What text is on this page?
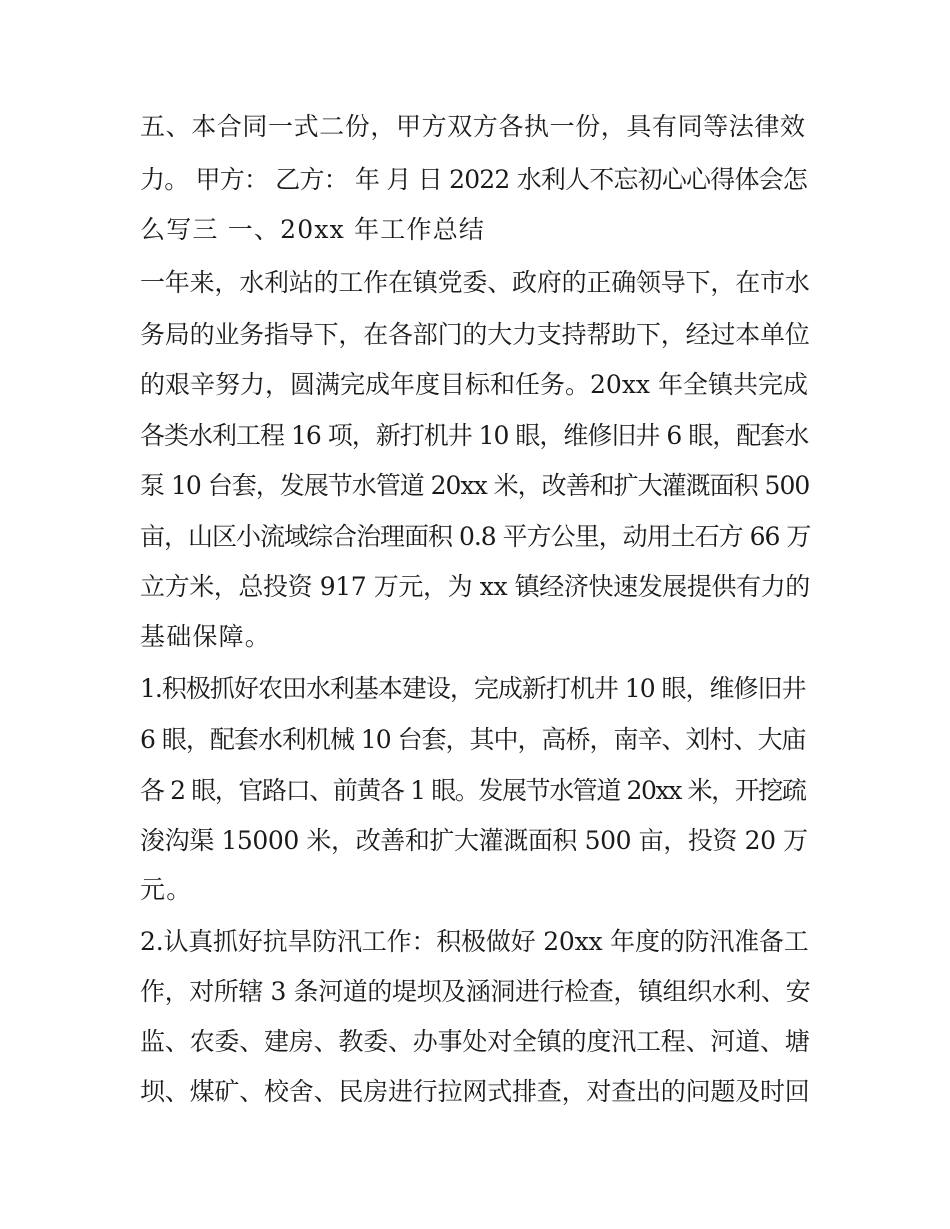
五、本合同一式二份，甲方双方各执一份，具有同等法律效

力。 甲方： 乙方： 年 月 日 2022 水利人不忘初心心得体会怎

么写三 一、20xx 年工作总结

一年来，水利站的工作在镇党委、政府的正确领导下，在市水

务局的业务指导下，在各部门的大力支持帮助下，经过本单位

的艰辛努力，圆满完成年度目标和任务。20xx 年全镇共完成

各类水利工程 16 项，新打机井 10 眼，维修旧井 6 眼，配套水

泵 10 台套，发展节水管道 20xx 米，改善和扩大灌溉面积 500

亩，山区小流域综合治理面积 0.8 平方公里，动用土石方 66 万

立方米，总投资 917 万元，为 xx 镇经济快速发展提供有力的

基础保障。

1.积极抓好农田水利基本建设，完成新打机井 10 眼，维修旧井

6 眼，配套水利机械 10 台套，其中，高桥，南辛、刘村、大庙

各 2 眼，官路口、前黄各 1 眼。发展节水管道 20xx 米，开挖疏

浚沟渠 15000 米，改善和扩大灌溉面积 500 亩，投资 20 万

元。

2.认真抓好抗旱防汛工作：积极做好 20xx 年度的防汛准备工

作，对所辖 3 条河道的堤坝及涵洞进行检查，镇组织水利、安

监、农委、建房、教委、办事处对全镇的度汛工程、河道、塘

坝、煤矿、校舍、民房进行拉网式排查，对查出的问题及时回
